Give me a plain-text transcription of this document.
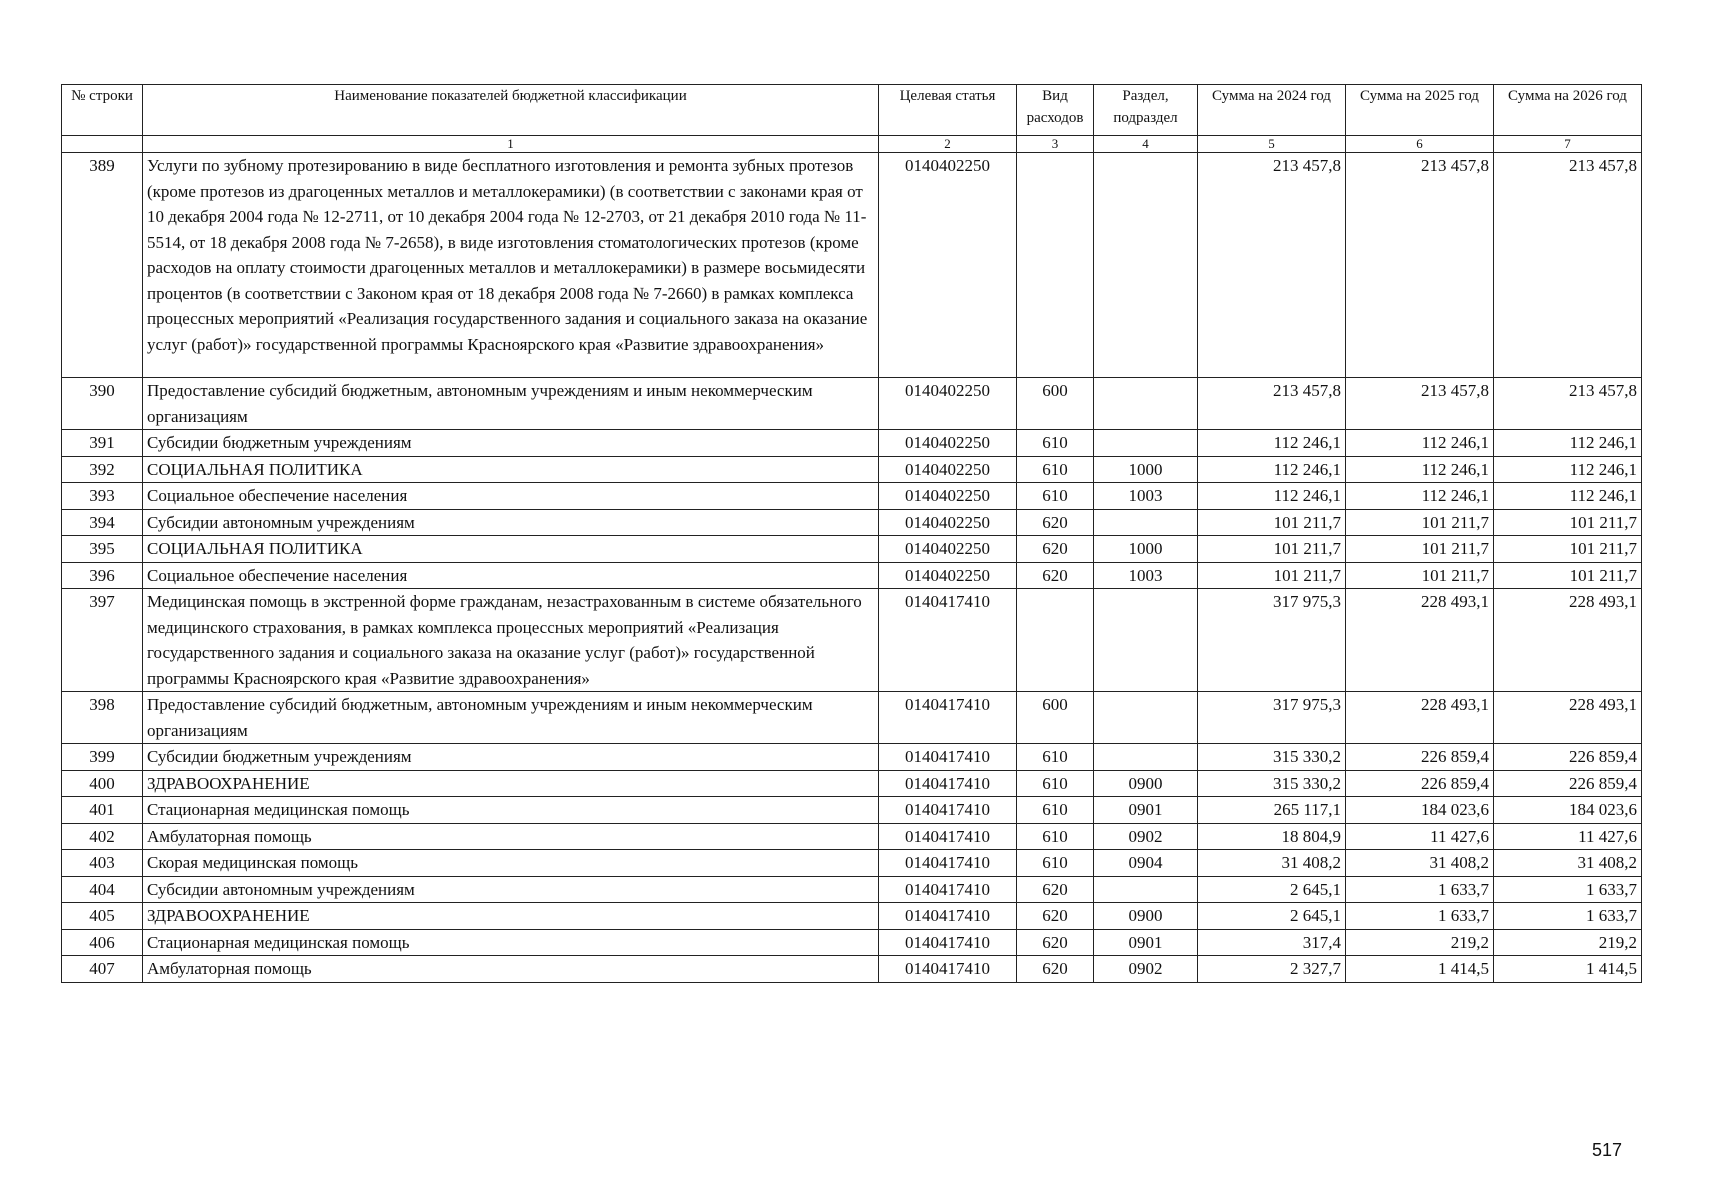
№ строки	Наименование показателей бюджетной классификации	Целевая статья	Вид расходов	Раздел, подраздел	Сумма на 2024 год	Сумма на 2025 год	Сумма на 2026 год
	1	2	3	4	5	6	7
389	Услуги по зубному протезированию в виде бесплатного изготовления и ремонта зубных протезов (кроме протезов из драгоценных металлов и металлокерамики) (в соответствии с законами края от 10 декабря 2004 года № 12-2711, от 10 декабря 2004 года № 12-2703, от 21 декабря 2010 года № 11-5514, от 18 декабря 2008 года № 7-2658), в виде изготовления стоматологических протезов (кроме расходов на оплату стоимости драгоценных металлов и металлокерамики) в размере восьмидесяти процентов (в соответствии с Законом края от 18 декабря 2008 года № 7-2660) в рамках комплекса процессных мероприятий «Реализация государственного задания и социального заказа на оказание услуг (работ)» государственной программы Красноярского края «Развитие здравоохранения»	0140402250			213 457,8	213 457,8	213 457,8
390	Предоставление субсидий бюджетным, автономным учреждениям и иным некоммерческим организациям	0140402250	600		213 457,8	213 457,8	213 457,8
391	Субсидии бюджетным учреждениям	0140402250	610		112 246,1	112 246,1	112 246,1
392	СОЦИАЛЬНАЯ ПОЛИТИКА	0140402250	610	1000	112 246,1	112 246,1	112 246,1
393	Социальное обеспечение населения	0140402250	610	1003	112 246,1	112 246,1	112 246,1
394	Субсидии автономным учреждениям	0140402250	620		101 211,7	101 211,7	101 211,7
395	СОЦИАЛЬНАЯ ПОЛИТИКА	0140402250	620	1000	101 211,7	101 211,7	101 211,7
396	Социальное обеспечение населения	0140402250	620	1003	101 211,7	101 211,7	101 211,7
397	Медицинская помощь в экстренной форме гражданам, незастрахованным в системе обязательного медицинского страхования, в рамках комплекса процессных мероприятий «Реализация государственного задания и социального заказа на оказание услуг (работ)» государственной программы Красноярского края «Развитие здравоохранения»	0140417410			317 975,3	228 493,1	228 493,1
398	Предоставление субсидий бюджетным, автономным учреждениям и иным некоммерческим организациям	0140417410	600		317 975,3	228 493,1	228 493,1
399	Субсидии бюджетным учреждениям	0140417410	610		315 330,2	226 859,4	226 859,4
400	ЗДРАВООХРАНЕНИЕ	0140417410	610	0900	315 330,2	226 859,4	226 859,4
401	Стационарная медицинская помощь	0140417410	610	0901	265 117,1	184 023,6	184 023,6
402	Амбулаторная помощь	0140417410	610	0902	18 804,9	11 427,6	11 427,6
403	Скорая медицинская помощь	0140417410	610	0904	31 408,2	31 408,2	31 408,2
404	Субсидии автономным учреждениям	0140417410	620		2 645,1	1 633,7	1 633,7
405	ЗДРАВООХРАНЕНИЕ	0140417410	620	0900	2 645,1	1 633,7	1 633,7
406	Стационарная медицинская помощь	0140417410	620	0901	317,4	219,2	219,2
407	Амбулаторная помощь	0140417410	620	0902	2 327,7	1 414,5	1 414,5
517
